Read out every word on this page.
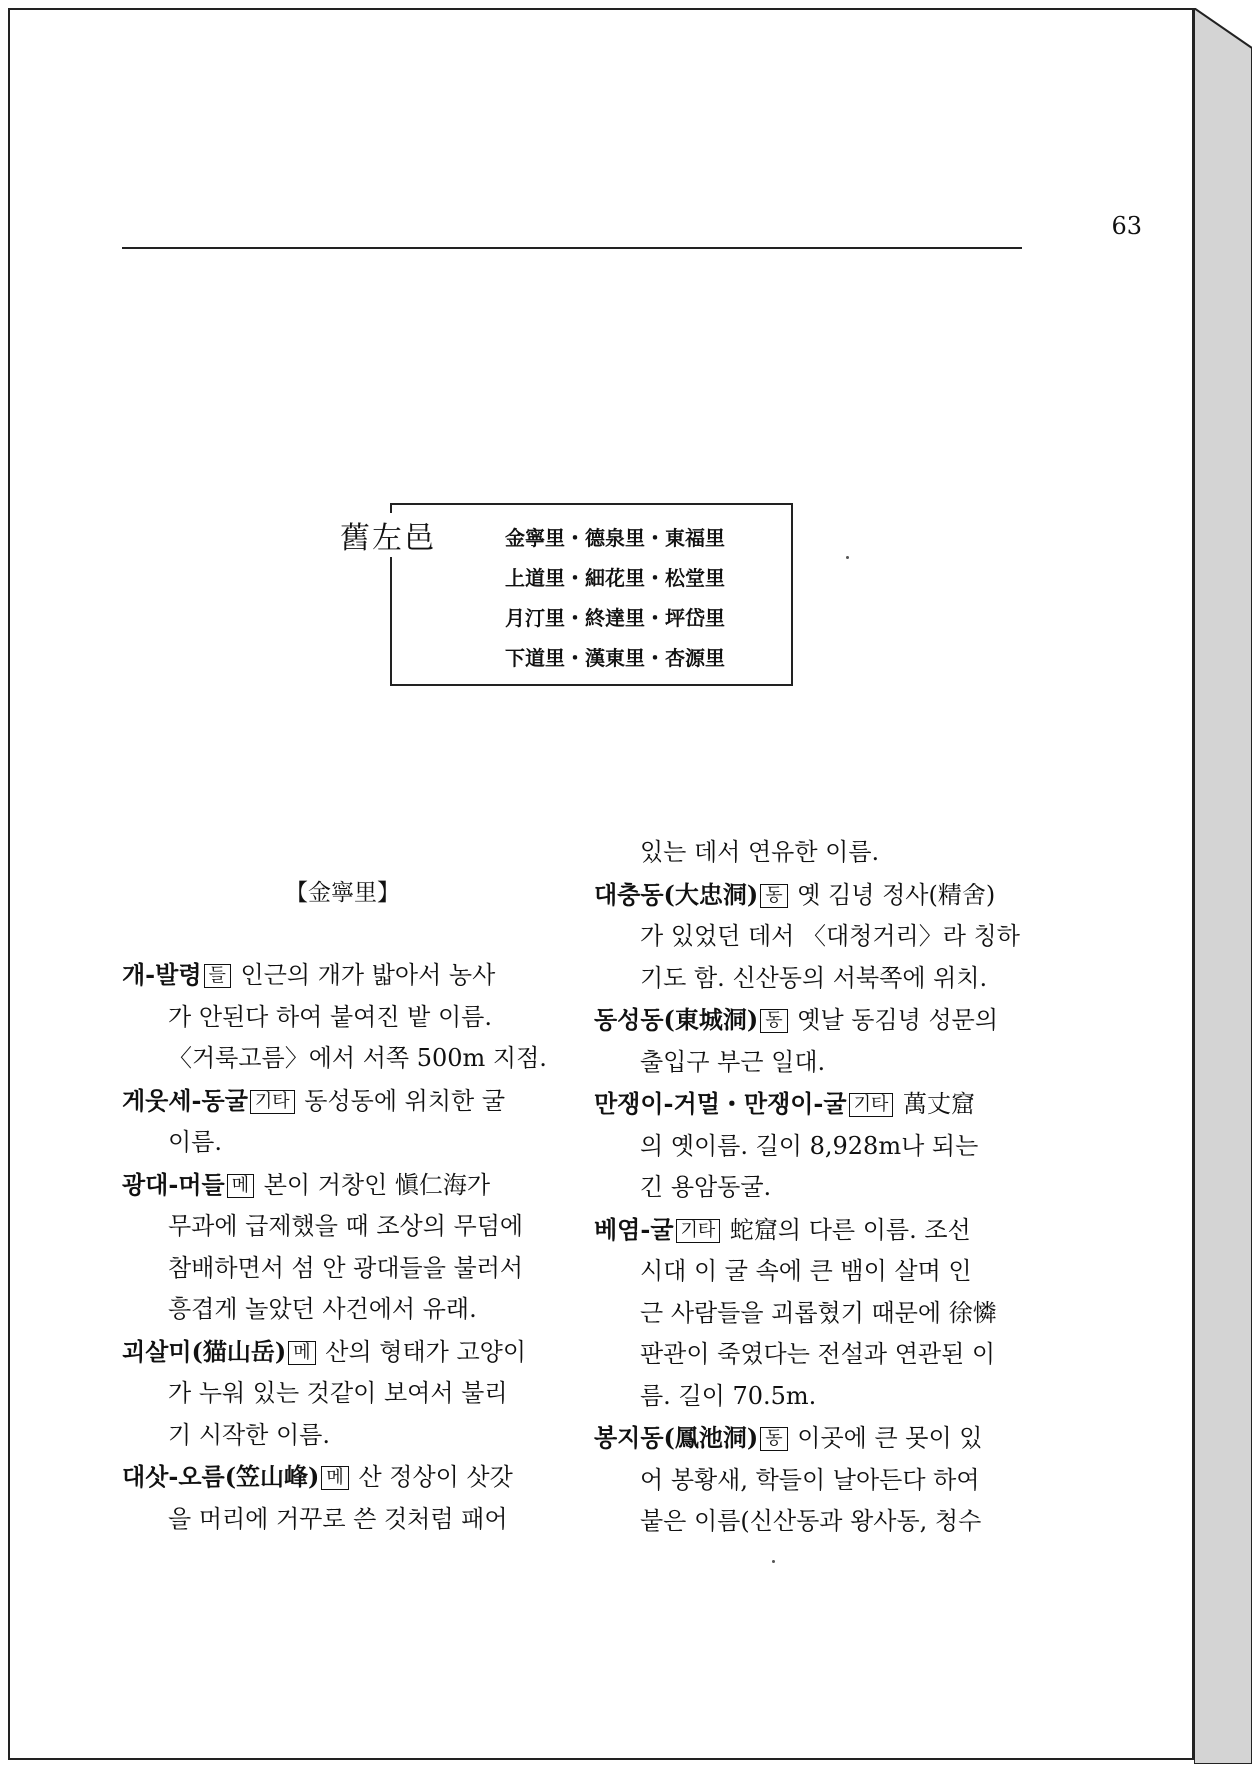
63
舊左邑	金寧里・德泉里・東福里
上道里・細花里・松堂里
月汀里・終達里・坪岱里
下道里・漢東里・杏源里
【金寧里】
개-발령 들 인근의 개가 밟아서 농사
가 안된다 하여 붙여진 밭 이름.
〈거룩고름〉에서 서쪽 500m 지점.
게웃세-동굴 기타 동성동에 위치한 굴
이름.
광대-머들 메 본이 거창인 愼仁海가
무과에 급제했을 때 조상의 무덤에
참배하면서 섬 안 광대들을 불러서
흥겹게 놀았던 사건에서 유래.
괴살미(猫山岳) 메 산의 형태가 고양이
가 누워 있는 것같이 보여서 불리
기 시작한 이름.
대삿-오름(笠山峰) 메 산 정상이 삿갓
을 머리에 거꾸로 쓴 것처럼 패어
있는 데서 연유한 이름.
대충동(大忠洞) 동 옛 김녕 정사(精舍)
가 있었던 데서 〈대청거리〉라 칭하
기도 함. 신산동의 서북쪽에 위치.
동성동(東城洞) 동 옛날 동김녕 성문의
출입구 부근 일대.
만쟁이-거멀・만쟁이-굴 기타 萬丈窟
의 옛이름. 길이 8,928m나 되는
긴 용암동굴.
베염-굴 기타 蛇窟의 다른 이름. 조선
시대 이 굴 속에 큰 뱀이 살며 인
근 사람들을 괴롭혔기 때문에 徐憐
판관이 죽였다는 전설과 연관된 이
름. 길이 70.5m.
봉지동(鳳池洞) 동 이곳에 큰 못이 있
어 봉황새, 학들이 날아든다 하여
붙은 이름(신산동과 왕사동, 청수
